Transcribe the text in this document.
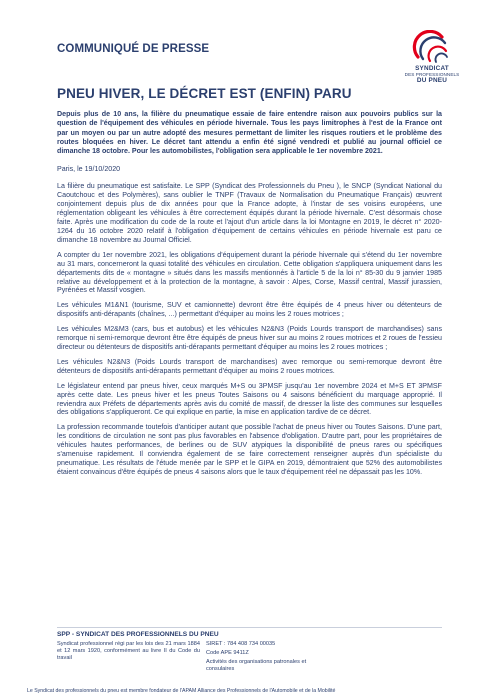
COMMUNIQUÉ DE PRESSE
SYNDICAT
DES PROFESSIONNELS
DU PNEU
PNEU HIVER, LE DÉCRET EST (ENFIN) PARU

Depuis plus de 10 ans, la filière du pneumatique essaie de faire entendre raison aux pouvoirs publics sur la question de l'équipement des véhicules en période hivernale. Tous les pays limitrophes à l'est de la France ont par un moyen ou par un autre adopté des mesures permettant de limiter les risques routiers et le problème des routes bloquées en hiver. Le décret tant attendu a enfin été signé vendredi et publié au journal officiel ce dimanche 18 octobre. Pour les automobilistes, l'obligation sera applicable le 1er novembre 2021.

Paris, le 19/10/2020

La filière du pneumatique est satisfaite. Le SPP (Syndicat des Professionnels du Pneu ), le SNCP (Syndicat National du Caoutchouc et des Polymères), sans oublier le TNPF (Travaux de Normalisation du Pneumatique Français) œuvrent conjointement depuis plus de dix années pour que la France adopte, à l'instar de ses voisins européens, une réglementation obligeant les véhicules à être correctement équipés durant la période hivernale. C'est désormais chose faite. Après une modification du code de la route et l'ajout d'un article dans la loi Montagne en 2019, le décret n° 2020-1264 du 16 octobre 2020 relatif à l'obligation d'équipement de certains véhicules en période hivernale est paru ce dimanche 18 novembre au Journal Officiel.

A compter du 1er novembre 2021, les obligations d'équipement durant la période hivernale qui s'étend du 1er novembre au 31 mars, concerneront la quasi totalité des véhicules en circulation. Cette obligation s'appliquera uniquement dans les départements dits de « montagne » situés dans les massifs mentionnés à l'article 5 de la loi n° 85-30 du 9 janvier 1985 relative au développement et à la protection de la montagne, à savoir : Alpes, Corse, Massif central, Massif jurassien, Pyrénées et Massif vosgien.

Les véhicules M1&N1 (tourisme, SUV et camionnette) devront être être équipés de 4 pneus hiver ou détenteurs de dispositifs anti-dérapants (chaînes, ...) permettant d'équiper au moins les 2 roues motrices ;

Les véhicules M2&M3 (cars, bus et autobus) et les véhicules N2&N3 (Poids Lourds transport de marchandises) sans remorque ni semi-remorque devront être être équipés de pneus hiver sur au moins 2 roues motrices et 2 roues de l'essieu directeur ou détenteurs de dispositifs anti-dérapants permettant d'équiper au moins les 2 roues motrices ;

Les véhicules N2&N3 (Poids Lourds transport de marchandises) avec remorque ou semi-remorque devront être détenteurs de dispositifs anti-dérapants permettant d'équiper au moins 2 roues motrices.

Le législateur entend par pneus hiver, ceux marqués M+S ou 3PMSF jusqu'au 1er novembre 2024 et M+S ET 3PMSF après cette date. Les pneus hiver et les pneus Toutes Saisons ou 4 saisons bénéficient du marquage approprié. Il reviendra aux Préfets de départements après avis du comité de massif, de dresser la liste des communes sur lesquelles des obligations s'appliqueront. Ce qui explique en partie, la mise en application tardive de ce décret.

La profession recommande toutefois d'anticiper autant que possible l'achat de pneus hiver ou Toutes Saisons. D'une part, les conditions de circulation ne sont pas plus favorables en l'absence d'obligation. D'autre part, pour les propriétaires de véhicules hautes performances, de berlines ou de SUV atypiques la disponibilité de pneus rares ou spécifiques s'amenuise rapidement. Il conviendra également de se faire correctement renseigner auprès d'un spécialiste du pneumatique. Les résultats de l'étude menée par le SPP et le GIPA en 2019, démontraient que 52% des automobilistes étaient convaincus d'être équipés de pneus 4 saisons alors que le taux d'équipement réel ne dépassait pas les 10%.

SPP - SYNDICAT DES PROFESSIONNELS DU PNEU
Syndicat professionnel régi par les lois des 21 mars 1884 et 12 mars 1920, conformément au livre II du Code du travail
SIRET : 784 408 734 00035
Code APE 9411Z
Activités des organisations patronales et consulaires
Le Syndicat des professionnels du pneu est membre fondateur de l'APAM Alliance des Professionnels de l'Automobile et de la Mobilité
